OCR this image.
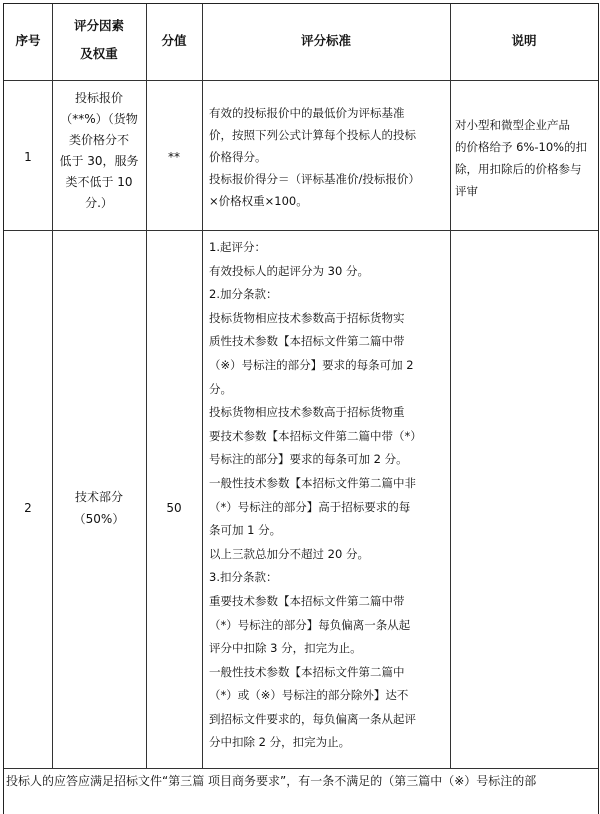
序号
评分因素
及权重
分值	评分标准	说明
1
投标报价
（**%）（货物
类价格分不
低于 30，服务
类不低于 10
分.）
**
有效的投标报价中的最低价为评标基准
价，按照下列公式计算每个投标人的投标
价格得分。
投标报价得分＝（评标基准价/投标报价）
×价格权重×100。
对小型和微型企业产品
的价格给予 6%-10%的扣
除，用扣除后的价格参与
评审
2
技术部分
（50%）
50
1.起评分：
有效投标人的起评分为 30 分。
2.加分条款：
投标货物相应技术参数高于招标货物实
质性技术参数【本招标文件第二篇中带
（※）号标注的部分】要求的每条可加 2
分。
投标货物相应技术参数高于招标货物重
要技术参数【本招标文件第二篇中带（*）
号标注的部分】要求的每条可加 2 分。
一般性技术参数【本招标文件第二篇中非
（*）号标注的部分】高于招标要求的每
条可加 1 分。
以上三款总加分不超过 20 分。
3.扣分条款：
重要技术参数【本招标文件第二篇中带
（*）号标注的部分】每负偏离一条从起
评分中扣除 3 分，扣完为止。
一般性技术参数【本招标文件第二篇中
（*）或（※）号标注的部分除外】达不
到招标文件要求的，每负偏离一条从起评
分中扣除 2 分，扣完为止。
投标人的应答应满足招标文件“第三篇 项目商务要求”，有一条不满足的（第三篇中（※）号标注的部
